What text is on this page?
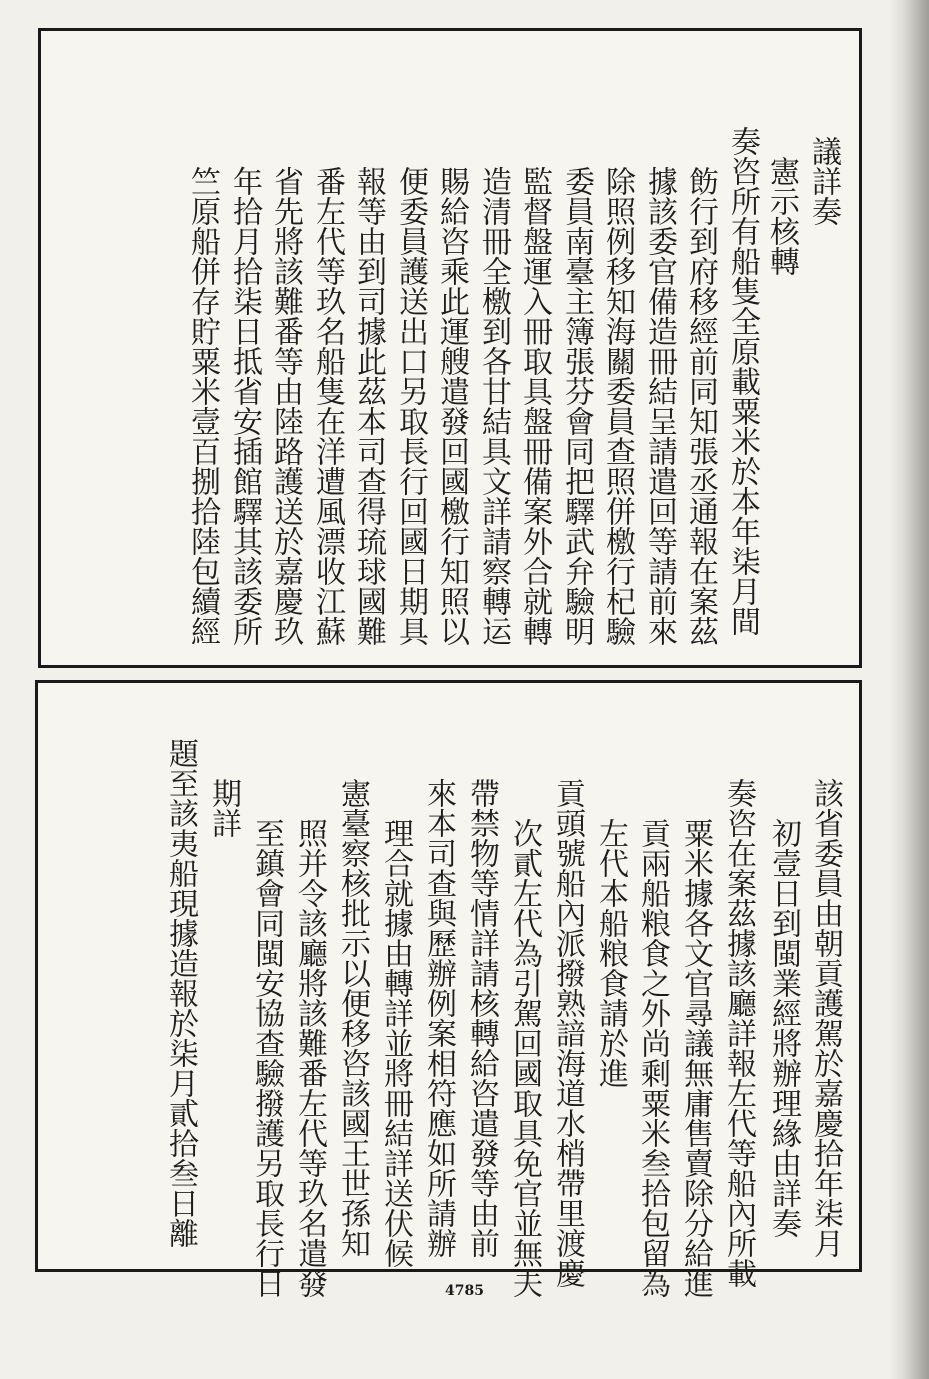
議詳奏
憲示核轉
奏咨所有船隻全原載粟米於本年柒月間
飭行到府移經前同知張丞通報在案茲
據該委官備造冊結呈請遣回等請前來
除照例移知海關委員查照併檄行杞驗
委員南臺主簿張芬會同把驛武弁驗明
監督盤運入冊取具盤冊備案外合就轉
造清冊全檄到各甘結具文詳請察轉运
賜給咨乘此運艘遣發回國檄行知照以
便委員護送出口另取長行回國日期具
報等由到司據此茲本司查得琉球國難
番左代等玖名船隻在洋遭風漂收江蘇
省先將該難番等由陸路護送於嘉慶玖
年拾月拾柒日抵省安插館驛其該委所
竺原船併存貯粟米壹百捌拾陸包續經
該省委員由朝貢護駕於嘉慶拾年柒月
初壹日到閩業經將辦理緣由詳奏
奏咨在案茲據該廳詳報左代等船內所載
粟米據各文官尋議無庸售賣除分給進
貢兩船粮食之外尚剩粟米叁拾包留為
左代本船粮食請於進
貢頭號船內派撥熟諳海道水梢帶里渡慶
次貳左代為引駕回國取具免官並無夫
帶禁物等情詳請核轉給咨遣發等由前
來本司查與歷辦例案相符應如所請辦
理合就據由轉詳並將冊結詳送伏候
憲臺察核批示以便移咨該國王世孫知
照并令該廳將該難番左代等玖名遣發
至鎮會同閩安協查驗撥護另取長行日
期詳
題至該夷船現據造報於柒月貳拾叁日離
4785
